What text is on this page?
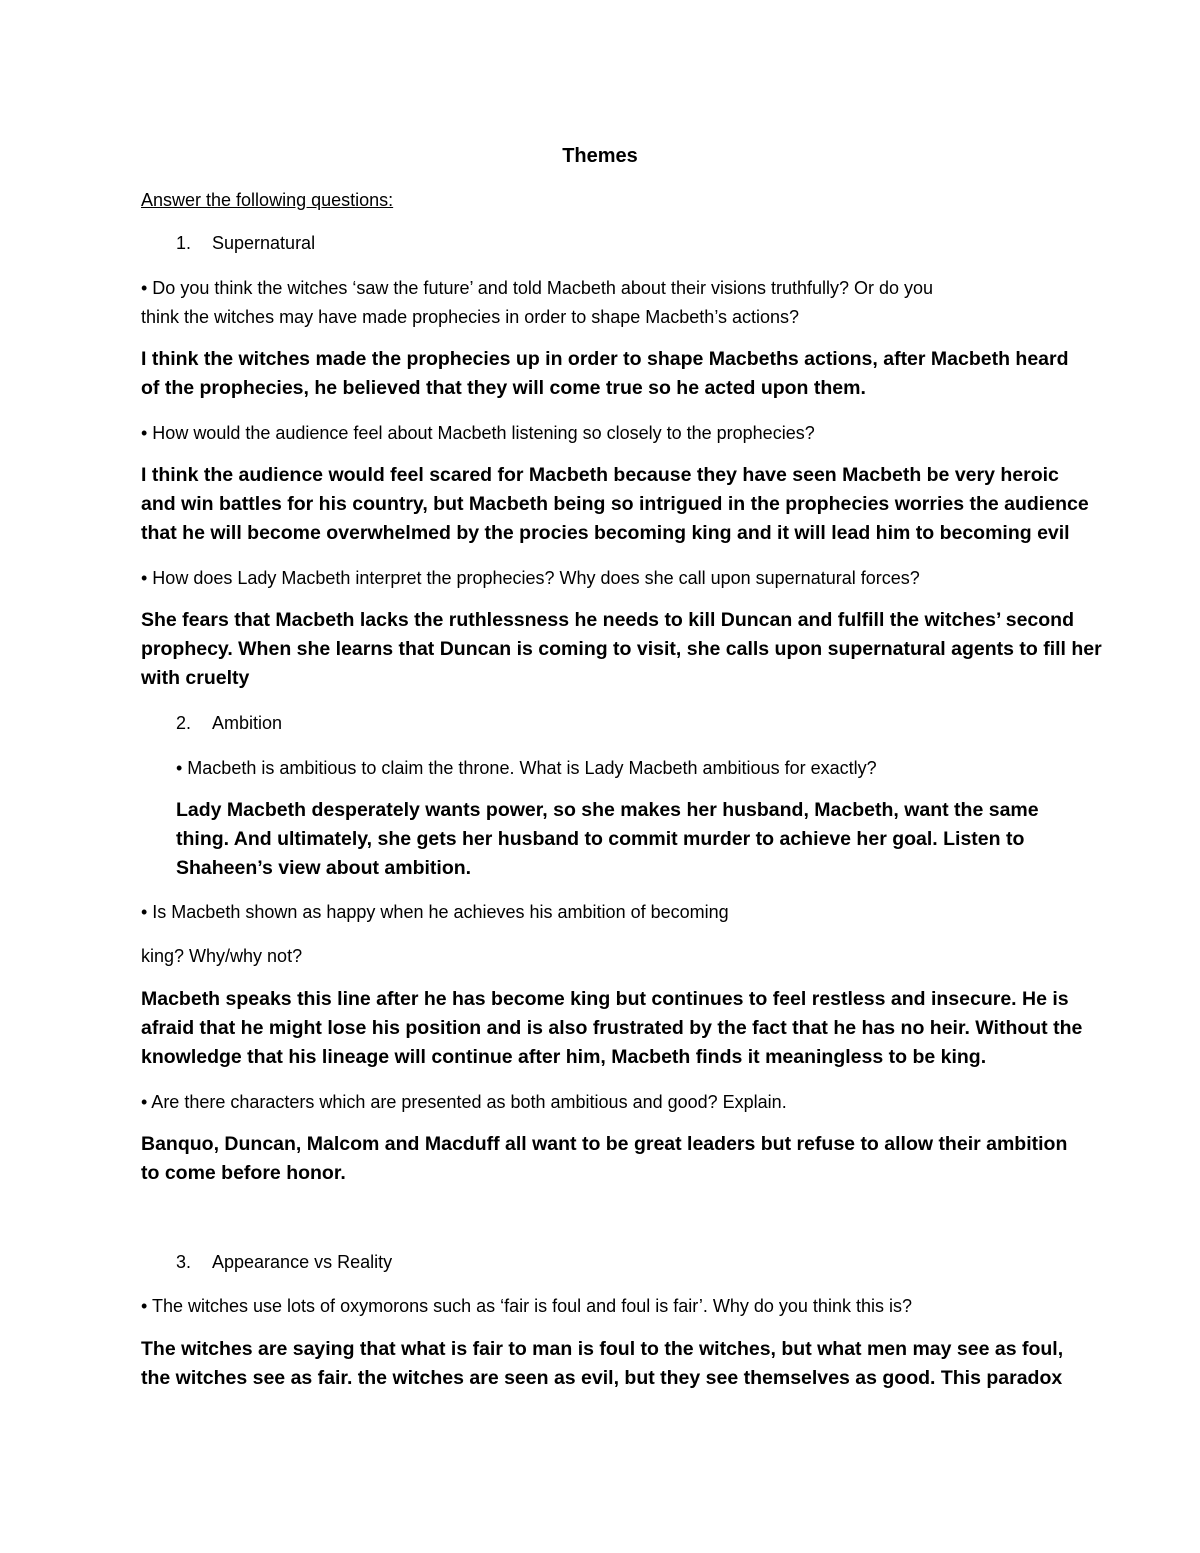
Themes

Answer the following questions:

1. Supernatural

• Do you think the witches ‘saw the future’ and told Macbeth about their visions truthfully? Or do you

think the witches may have made prophecies in order to shape Macbeth’s actions?

I think the witches made the prophecies up in order to shape Macbeths actions, after Macbeth heard

of the prophecies, he believed that they will come true so he acted upon them.

• How would the audience feel about Macbeth listening so closely to the prophecies?

I think the audience would feel scared for Macbeth because they have seen Macbeth be very heroic

and win battles for his country, but Macbeth being so intrigued in the prophecies worries the audience

that he will become overwhelmed by the procies becoming king and it will lead him to becoming evil

• How does Lady Macbeth interpret the prophecies? Why does she call upon supernatural forces?

She fears that Macbeth lacks the ruthlessness he needs to kill Duncan and fulfill the witches’ second

prophecy. When she learns that Duncan is coming to visit, she calls upon supernatural agents to fill her

with cruelty

2. Ambition

• Macbeth is ambitious to claim the throne. What is Lady Macbeth ambitious for exactly?

Lady Macbeth desperately wants power, so she makes her husband, Macbeth, want the same

thing. And ultimately, she gets her husband to commit murder to achieve her goal. Listen to

Shaheen’s view about ambition.

• Is Macbeth shown as happy when he achieves his ambition of becoming

king? Why/why not?

Macbeth speaks this line after he has become king but continues to feel restless and insecure. He is

afraid that he might lose his position and is also frustrated by the fact that he has no heir. Without the

knowledge that his lineage will continue after him, Macbeth finds it meaningless to be king.

• Are there characters which are presented as both ambitious and good? Explain.

Banquo, Duncan, Malcom and Macduff all want to be great leaders but refuse to allow their ambition

to come before honor.

3. Appearance vs Reality

• The witches use lots of oxymorons such as ‘fair is foul and foul is fair’. Why do you think this is?

The witches are saying that what is fair to man is foul to the witches, but what men may see as foul,

the witches see as fair. the witches are seen as evil, but they see themselves as good. This paradox
